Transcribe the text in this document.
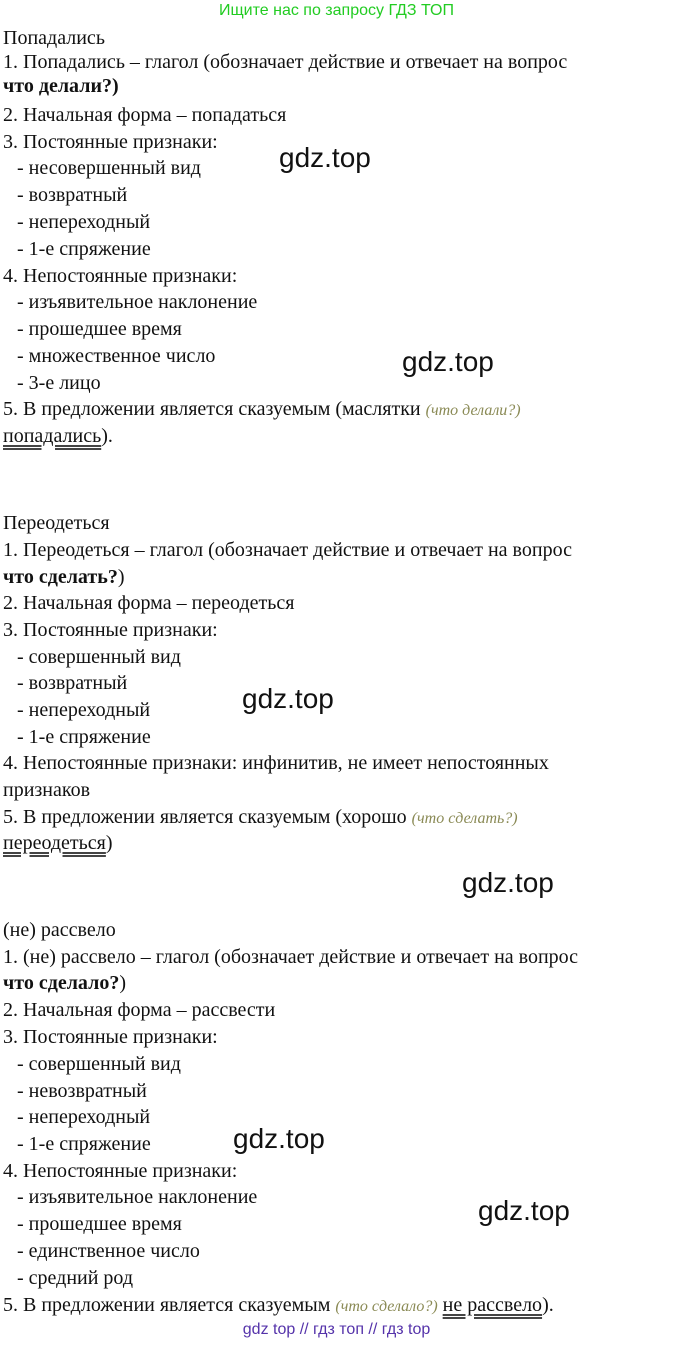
Ищите нас по запросу ГДЗ ТОП
Попадались
1. Попадались – глагол (обозначает действие и отвечает на вопрос
что делали?)
2. Начальная форма – попадаться
3. Постоянные признаки:
- несовершенный вид
- возвратный
- непереходный
- 1-е спряжение
4. Непостоянные признаки:
- изъявительное наклонение
- прошедшее время
- множественное число
- 3-е лицо
5. В предложении является сказуемым (маслятки (что делали?)
попадались).
gdz.top
gdz.top
Переодеться
1. Переодеться – глагол (обозначает действие и отвечает на вопрос
что сделать?)
2. Начальная форма – переодеться
3. Постоянные признаки:
- совершенный вид
- возвратный
- непереходный
- 1-е спряжение
4. Непостоянные признаки: инфинитив, не имеет непостоянных
признаков
5. В предложении является сказуемым (хорошо (что сделать?)
переодеться)
gdz.top
gdz.top
(не) рассвело
1. (не) рассвело – глагол (обозначает действие и отвечает на вопрос
что сделало?)
2. Начальная форма – рассвести
3. Постоянные признаки:
- совершенный вид
- невозвратный
- непереходный
- 1-е спряжение
4. Непостоянные признаки:
- изъявительное наклонение
- прошедшее время
- единственное число
- средний род
5. В предложении является сказуемым (что сделало?) не рассвело).
gdz.top
gdz.top
gdz top // гдз топ // гдз top
